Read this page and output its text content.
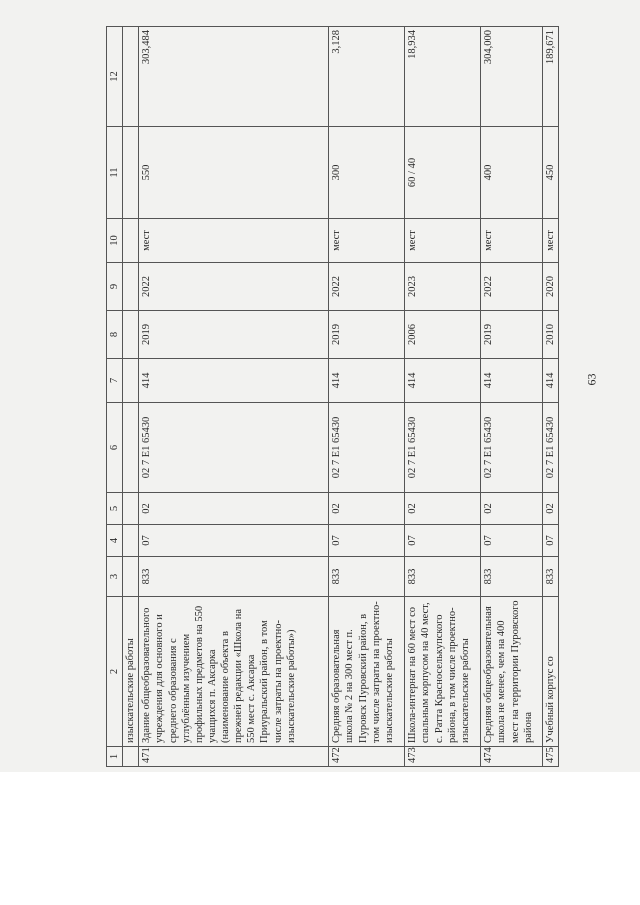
63
1	2	3	4	5	6	7	8	9	10	11	12
	изыскательские работы										
471	Здание общеобразовательного учреждения для основного и среднего образования с углублённым изучением профильных предметов на 550 учащихся п. Аксарка (наименование объекта в прежней редакции «Школа на 550 мест с. Аксарка Приуральский район, в том числе затраты на проектно-изыскательские работы»)	833	07	02	02 7 E1 65430	414	2019	2022	мест	550	303,484
472	Средняя образовательная школа № 2 на 300 мест п. Пуровск Пуровский район, в том числе затраты на проектно-изыскательские работы	833	07	02	02 7 E1 65430	414	2019	2022	мест	300	3,128
473	Школа-интернат на 60 мест со спальным корпусом на 40 мест, с. Ратта Красноселькупского района, в том числе проектно-изыскательские работы	833	07	02	02 7 E1 65430	414	2006	2023	мест	60 / 40	18,934
474	Средняя общеобразовательная школа не менее, чем на 400 мест на территории Пуровского района	833	07	02	02 7 E1 65430	414	2019	2022	мест	400	304,000
475	Учебный корпус со	833	07	02	02 7 E1 65430	414	2010	2020	мест	450	189,671
